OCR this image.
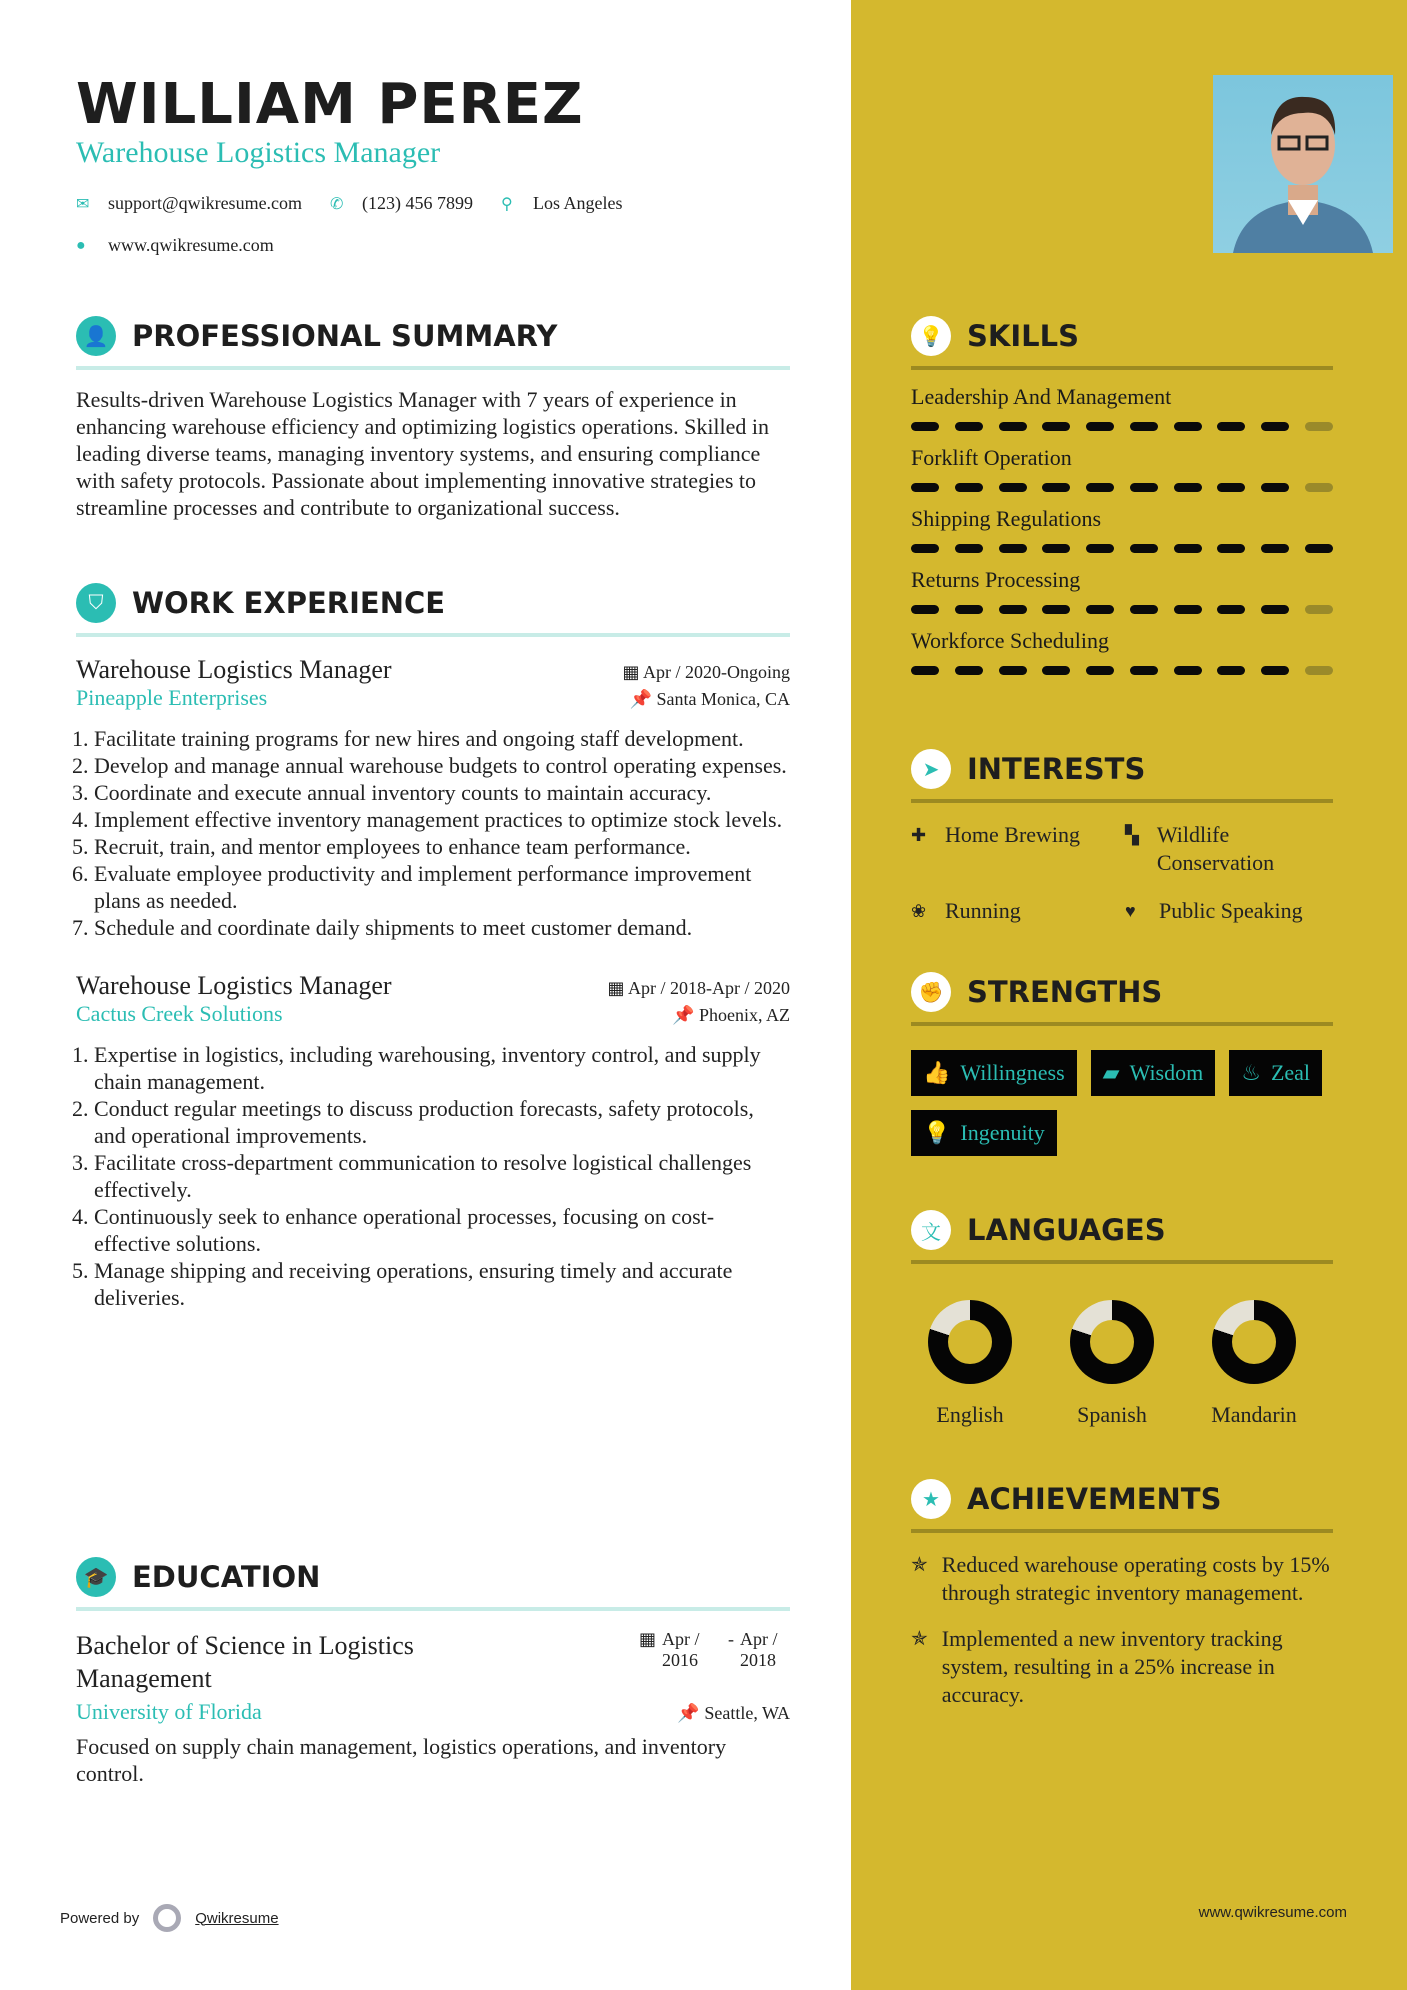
WILLIAM PEREZ
Warehouse Logistics Manager
✉	support@qwikresume.com ✆	(123) 456 7899 ⚲	Los Angeles
●	www.qwikresume.com
👤 PROFESSIONAL SUMMARY
Results-driven Warehouse Logistics Manager with 7 years of experience in enhancing warehouse efficiency and optimizing logistics operations. Skilled in leading diverse teams, managing inventory systems, and ensuring compliance with safety protocols. Passionate about implementing innovative strategies to streamline processes and contribute to organizational success.
⛉ WORK EXPERIENCE
Warehouse Logistics Manager	▦ Apr / 2020-Ongoing
Pineapple Enterprises	📌 Santa Monica, CA
1. Facilitate training programs for new hires and ongoing staff development.
2. Develop and manage annual warehouse budgets to control operating expenses.
3. Coordinate and execute annual inventory counts to maintain accuracy.
4. Implement effective inventory management practices to optimize stock levels.
5. Recruit, train, and mentor employees to enhance team performance.
6. Evaluate employee productivity and implement performance improvement plans as needed.
7. Schedule and coordinate daily shipments to meet customer demand.
Warehouse Logistics Manager	▦ Apr / 2018-Apr / 2020
Cactus Creek Solutions	📌 Phoenix, AZ
1. Expertise in logistics, including warehousing, inventory control, and supply chain management.
2. Conduct regular meetings to discuss production forecasts, safety protocols, and operational improvements.
3. Facilitate cross-department communication to resolve logistical challenges effectively.
4. Continuously seek to enhance operational processes, focusing on cost-effective solutions.
5. Manage shipping and receiving operations, ensuring timely and accurate deliveries.
🎓 EDUCATION
Bachelor of Science in Logistics Management
▦ Apr / 2016
- Apr / 2018
University of Florida	📌 Seattle, WA
Focused on supply chain management, logistics operations, and inventory control.
Powered by	Qwikresume
💡 SKILLS
Leadership And Management
Forklift Operation
Shipping Regulations
Returns Processing
Workforce Scheduling
➤ INTERESTS
✚ Home Brewing ▚ Wildlife Conservation
❀ Running	♥	Public Speaking
✊ STRENGTHS
👍 Willingness ▰ Wisdom ♨ Zeal
💡 Ingenuity
文 LANGUAGES
English	Spanish	Mandarin
★ ACHIEVEMENTS
✯ Reduced warehouse operating costs by 15% through strategic inventory management.
✯ Implemented a new inventory tracking system, resulting in a 25% increase in accuracy.
www.qwikresume.com
